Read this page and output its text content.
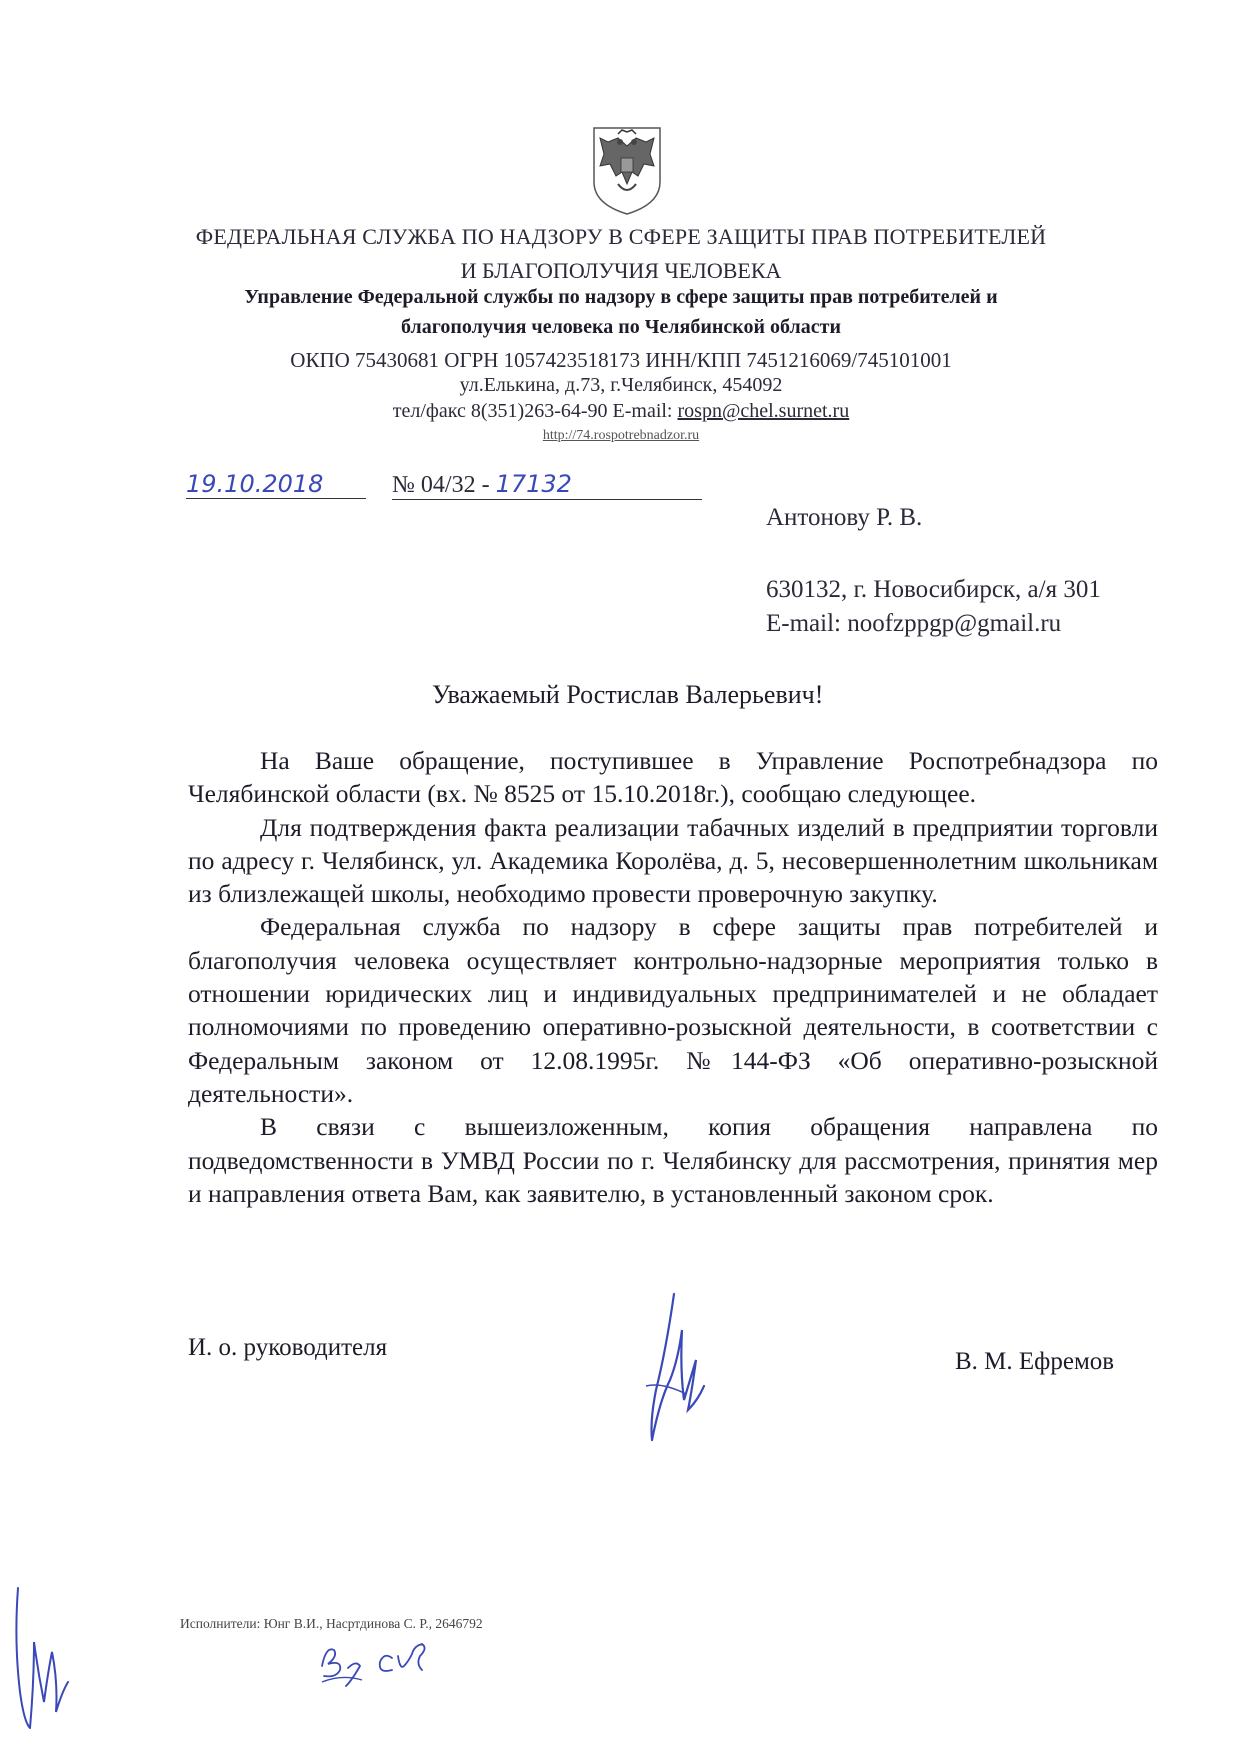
ФЕДЕРАЛЬНАЯ СЛУЖБА ПО НАДЗОРУ В СФЕРЕ ЗАЩИТЫ ПРАВ ПОТРЕБИТЕЛЕЙ
И БЛАГОПОЛУЧИЯ ЧЕЛОВЕКА
Управление Федеральной службы по надзору в сфере защиты прав потребителей и
благополучия человека по Челябинской области
ОКПО 75430681 ОГРН 1057423518173 ИНН/КПП 7451216069/745101001
ул.Елькина, д.73, г.Челябинск, 454092
тел/факс 8(351)263-64-90 E-mail: rospn@chel.surnet.ru
http://74.rospotrebnadzor.ru
19.10.2018	№ 04/32 - 17132
Антонову Р. В.
630132, г. Новосибирск, а/я 301
E-mail: noofzppgp@gmail.ru
Уважаемый Ростислав Валерьевич!

На Ваше обращение, поступившее в Управление Роспотребнадзора по Челябинской области (вх. № 8525 от 15.10.2018г.), сообщаю следующее.

Для подтверждения факта реализации табачных изделий в предприятии торговли по адресу г. Челябинск, ул. Академика Королёва, д. 5, несовершеннолетним школьникам из близлежащей школы, необходимо провести проверочную закупку.

Федеральная служба по надзору в сфере защиты прав потребителей и благополучия человека осуществляет контрольно-надзорные мероприятия только в отношении юридических лиц и индивидуальных предпринимателей и не обладает полномочиями по проведению оперативно-розыскной деятельности, в соответствии с Федеральным законом от 12.08.1995г. №144-ФЗ «Об оперативно-розыскной деятельности».

В связи с вышеизложенным, копия обращения направлена по подведомственности в УМВД России по г. Челябинску для рассмотрения, принятия мер и направления ответа Вам, как заявителю, в установленный законом срок.

И. о. руководителя
В. М. Ефремов
Исполнители: Юнг В.И., Насртдинова С. Р., 2646792
